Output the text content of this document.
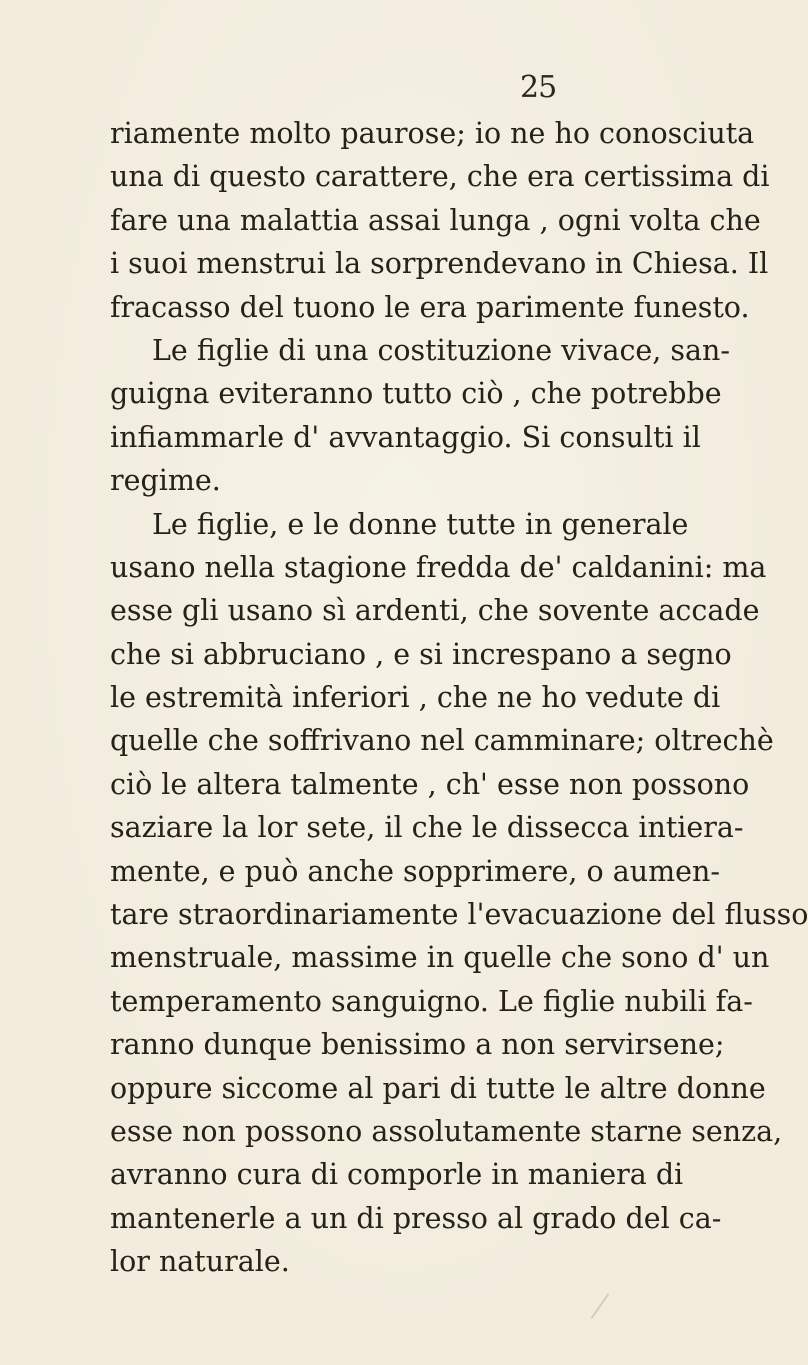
25
riamente molto paurose; io ne ho conosciuta
una di questo carattere, che era certissima di
fare una malattia assai lunga , ogni volta che
i suoi menstrui la sorprendevano in Chiesa. Il
fracasso del tuono le era parimente funesto.
Le figlie di una costituzione vivace, san-
guigna eviteranno tutto ciò , che potrebbe
infiammarle d' avvantaggio. Si consulti il
regime.
Le figlie, e le donne tutte in generale
usano nella stagione fredda de' caldanini: ma
esse gli usano sì ardenti, che sovente accade
che si abbruciano , e si increspano a segno
le estremità inferiori , che ne ho vedute di
quelle che soffrivano nel camminare; oltrechè
ciò le altera talmente , ch' esse non possono
saziare la lor sete, il che le dissecca intiera-
mente, e può anche sopprimere, o aumen-
tare straordinariamente l'evacuazione del flusso
menstruale, massime in quelle che sono d' un
temperamento sanguigno. Le figlie nubili fa-
ranno dunque benissimo a non servirsene;
oppure siccome al pari di tutte le altre donne
esse non possono assolutamente starne senza,
avranno cura di comporle in maniera di
mantenerle a un di presso al grado del ca-
lor naturale.
